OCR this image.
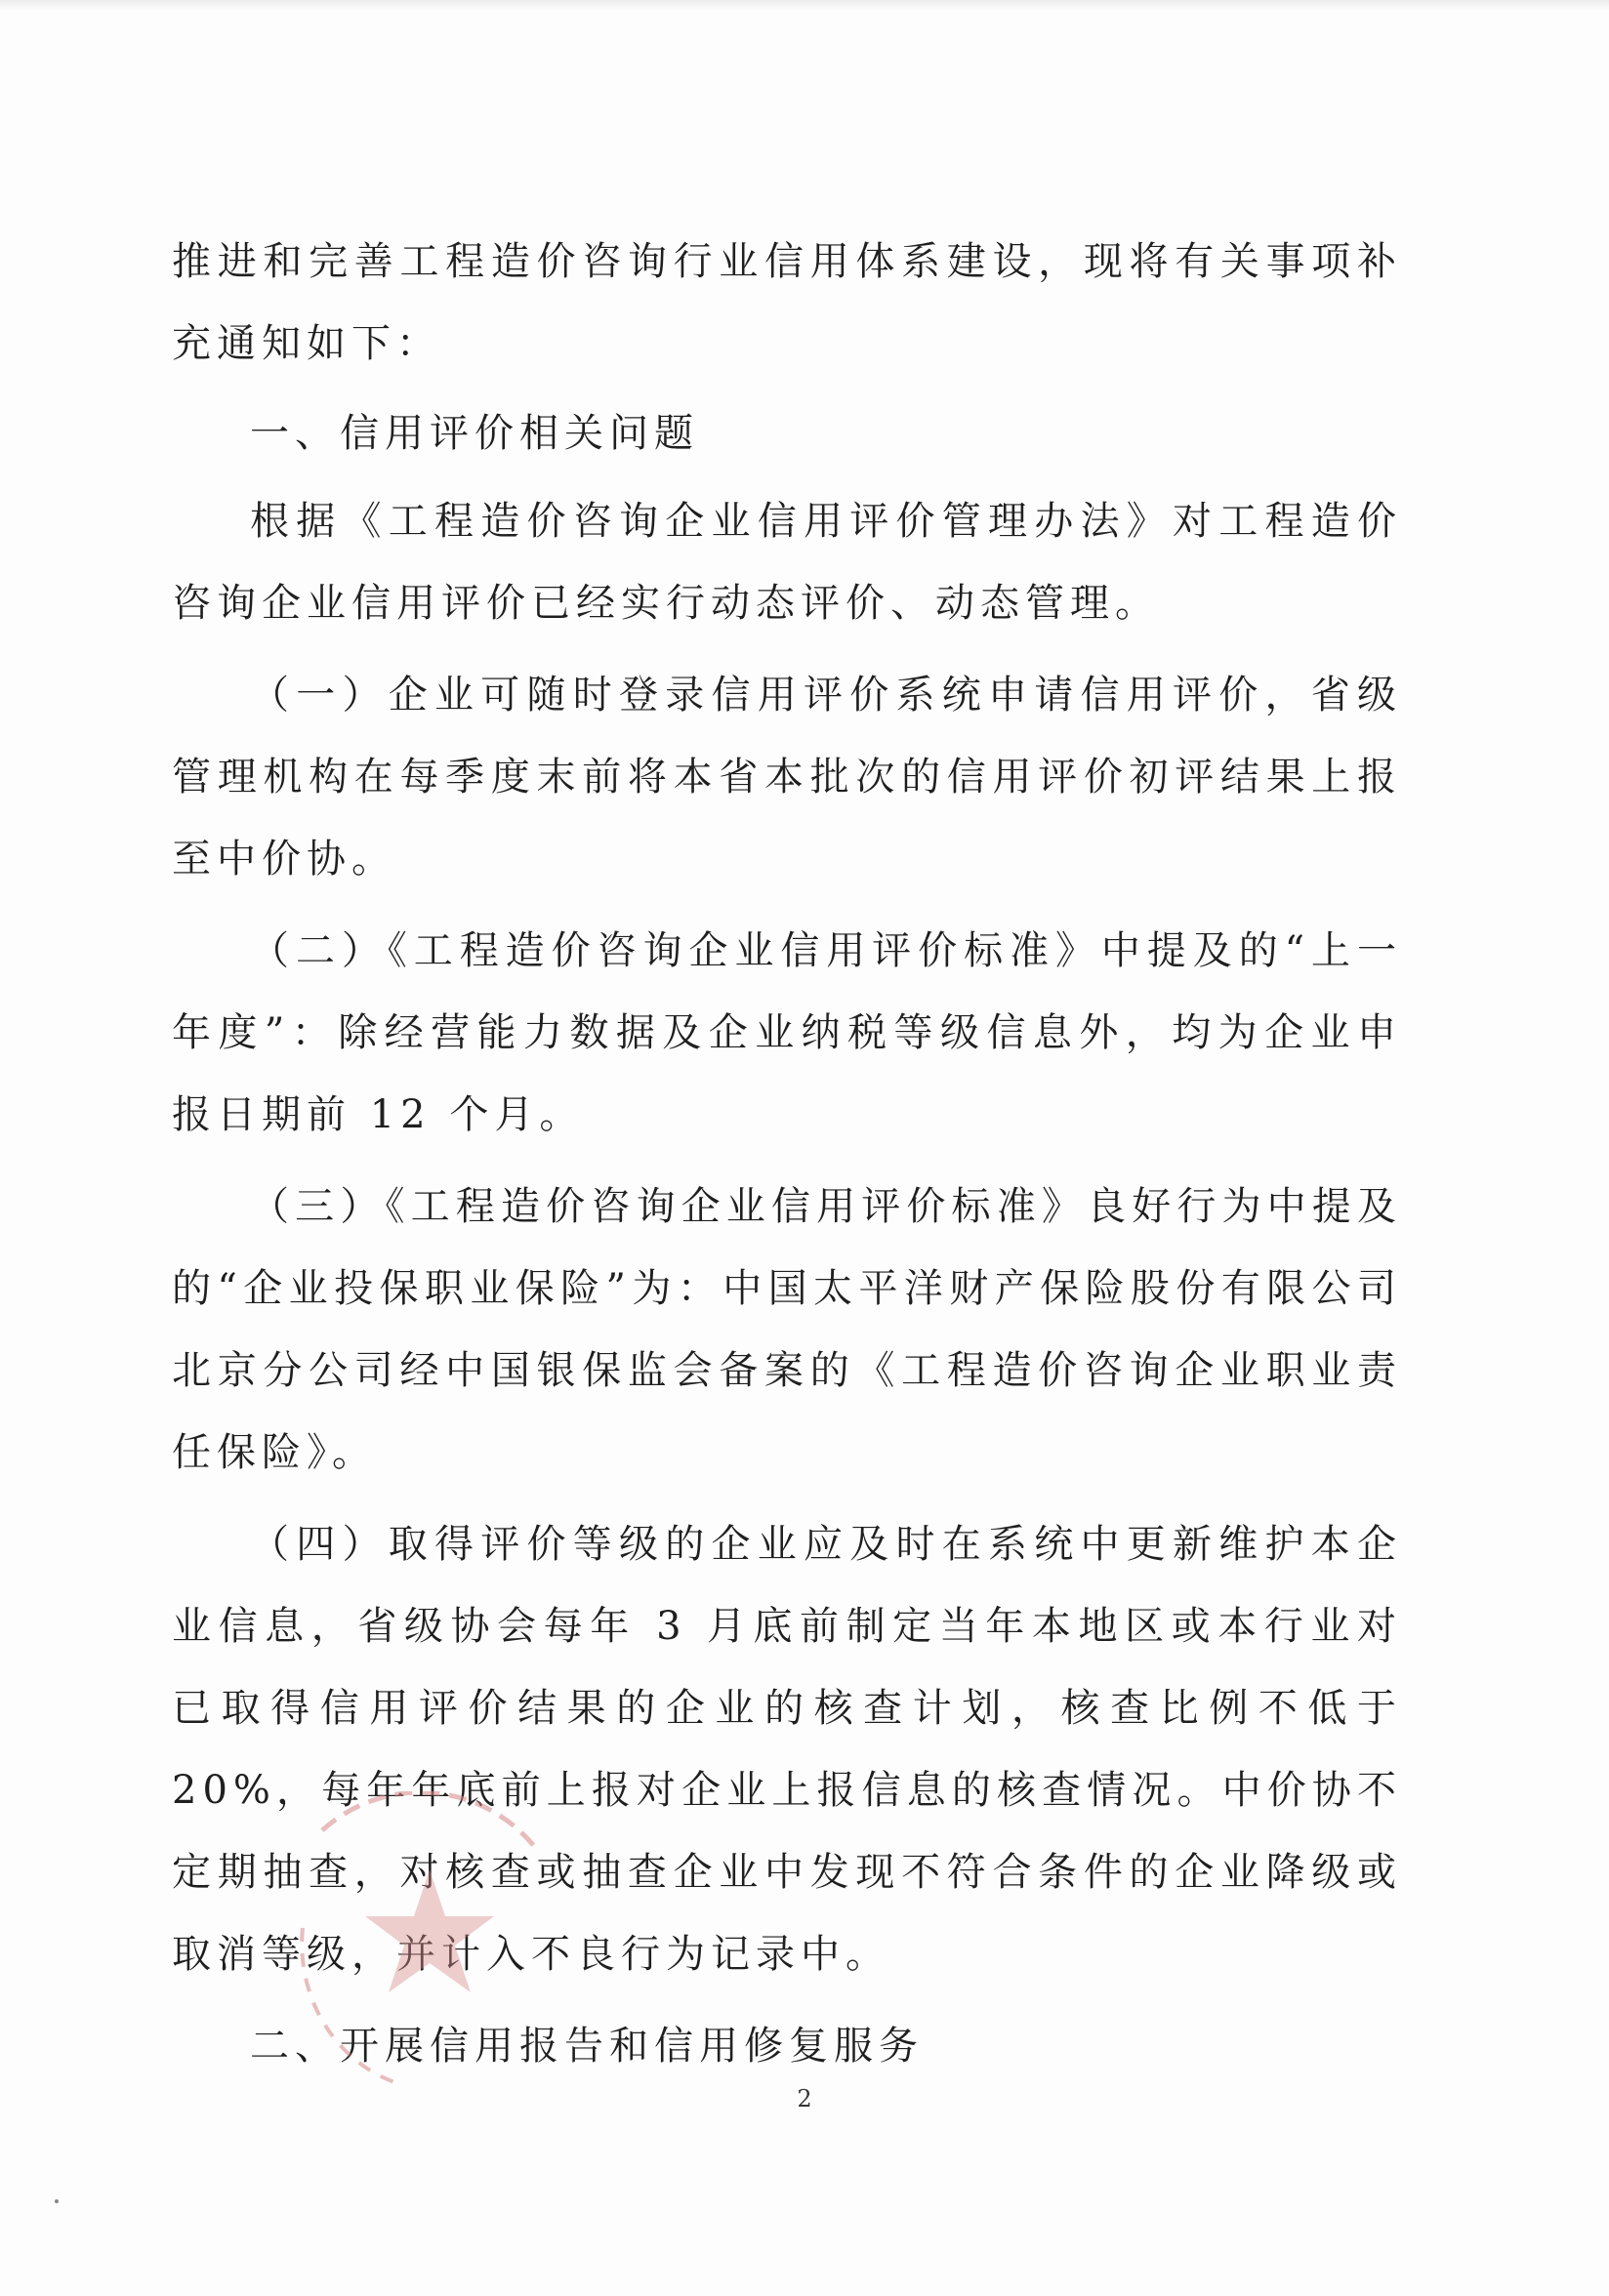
推进和完善工程造价咨询行业信用体系建设，现将有关事项补充通知如下：

一、信用评价相关问题

根据《工程造价咨询企业信用评价管理办法》对工程造价咨询企业信用评价已经实行动态评价、动态管理。

（一）企业可随时登录信用评价系统申请信用评价，省级管理机构在每季度末前将本省本批次的信用评价初评结果上报至中价协。

（二）《工程造价咨询企业信用评价标准》中提及的“上一年度”：除经营能力数据及企业纳税等级信息外，均为企业申报日期前 12 个月。

（三）《工程造价咨询企业信用评价标准》良好行为中提及的“企业投保职业保险”为：中国太平洋财产保险股份有限公司北京分公司经中国银保监会备案的《工程造价咨询企业职业责任保险》。

（四）取得评价等级的企业应及时在系统中更新维护本企业信息，省级协会每年 3 月底前制定当年本地区或本行业对已取得信用评价结果的企业的核查计划，核查比例不低于 20%，每年年底前上报对企业上报信息的核查情况。中价协不定期抽查，对核查或抽查企业中发现不符合条件的企业降级或取消等级，并计入不良行为记录中。

二、开展信用报告和信用修复服务

2
